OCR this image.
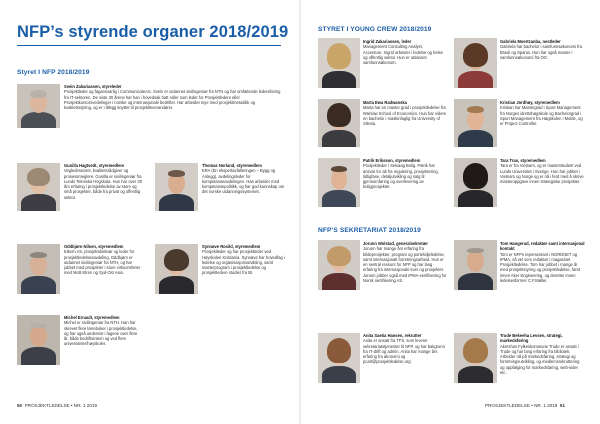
NFP’s styrende organer 2018/2019
Styret I NFP 2018/2019
Svein Zakariassen, styreleder
Prosjektleder og fagansvarlig i CommunicateAS. Svein er utdannet sivilingeniør fra NTH og har omfattende lederefaring fra IT-sektoren. De siste 30 årene har han i hovedsak hatt roller som leder for Prosjektledere eller Prosjektkontorsvedelinger i norske og internasjonale bedrifter. Har arbeidet mye med prosjektmetodikk og kvalitetsstyring, og er i tillegg knyttet til prosjektleverandører.
Gunilla Hagtvedt, styremedlem
Veglederatorer, kvalitetsrådgiver og prosessmeglere. Gunilla er sivilingeniør fra Lunds Tekniska Högskola. Hun har over 30 års erfaring i prosjektledelse av store og små prosjekter, både fra privat og offentlig sektor.
Thomas Norland, styremedlem
ERA (En ekspertavfalleringen – Bygg og Anlegg), avdelingsleder for kompetanseavdelingen. Han arbeider med kompetansepolitikk, og har god kunnskap om det norske utdanningssystemet.
Oddbjørn Nilsen, styremedlem
Eikern AS, prosjektdirektør og leder for prosjektledelsesavdeling. Oddbjørn er utdannet sivilingeniør fra NTH, og har jobbet med prosjekter i store virksomheter med Mott-Stren og Syd-Ost Asia.
Synnøve Rosild, styremedlem
Prosjektleder og har prosjektleder ved Høyskolen Kristiania. Synnøve har hovedfag i ledelse og organisasjonsutvikling, samt masterprogram i prosjektledelse og prosjektledere studier fra BI.
Michel Ernault, styremedlem
Michel er sivilingeniør fra NTH. Han har skrevet flere læreboker i prosjektledelse, og har også undervist i fagene over flere år, både bedriftsintern og ved flere universiteter/høyskoler.
50 PROSJEKTLEDELSE • NR. 1 2019
STYRET I YOUNG CREW 2018/2019
Ingrid Zakariassen, leder
Management Consulting Analyst, Accenture. Ingrid arbeider i ledelse og helse og offentlig sektor. Hun er utdannet samfunnsøkonom.
Gabriela Moertzanba, nestleder
Gabriela har bachelor i samfunnsøkonomi fra Brasil og Spania. Hun har også master i samfunnsøkonomi fra OO.
Marta Ewa Radwanska
Marta har en master grad i prosjektledelse fra Warsaw School of Economics. Hun har videre en bachelor i maskinfaglig fra University of Silesia.
Kristian Jordhøy, styremedlem
Kristian har Mastergrad i Sport Management fra Norges idrettshøgskole og Bachelorgrad i Sport Management fra Høgskolen i Molde, og er Project Controller.
Patrik Eriksson, styremedlem
Prosjektleder i Selvaag Bolig. Patrik har ansvar for alt fra regulering, prosjektering, tidligfase, detaljutvikling og salg til gjennomføring og overlevering av boligprosjekter.
Tara Tran, styremedlem
Tara er fra Vietnam, og er masterstudent ved Lunds Universitet i Sverige. Hun har jobbet i Vietnam og Norge og er nå i ferd med å skrive masteroppgave innen strategiske prosjekter.
NFP’S SEKRETARIAT 2018/2019
Jorunn Wolstad, generalsekretær
Jorunn har mange års erfaring fra bildeprosjekter, program og porteføljeledelse, samt internasjonalt forretningsarbeid. Hun er en sentral ressurs for NFP og har lang erfaring fra internasjonale kurs og prosjekter. Jorunn jobber også med IPMA-sertifisering for Norsk sertifisering AS.
Tom Hangerud, redaktør samt internasjonal kontakt
Tom er NFPs representant i NORDNET og IPMA, så vel som redaktør i magasinet Prosjektledelse. Tom har jobbet i mange år med prosjektstyring og prosjektledelse, først innen Aker Engineering, og deretter innen ledelsesformer C.F.Møller.
Anita Saetia Hansen, rekrutter
Anita er ansatt fra TFS, som leverer sekretariatstjenester til NFP, og har bakgrunn fra IT-drift og admin. Anita har mange års erfaring fra økonomi og pcart@prosjektledelse.org
Trude Bekeeha Levsen, strategi, markedsføring
Akershus Fylkeskommune Trude er ansatt i Trude og har lang erfaring fra bibliotek. Arbeider nå på markedsføring, strategi og forretningsutvikling, og medlemsrekruttering og oppfølging for markedsføring, web-sider etc.
PROSJEKTLEDELSE • NR. 1 2019 51
